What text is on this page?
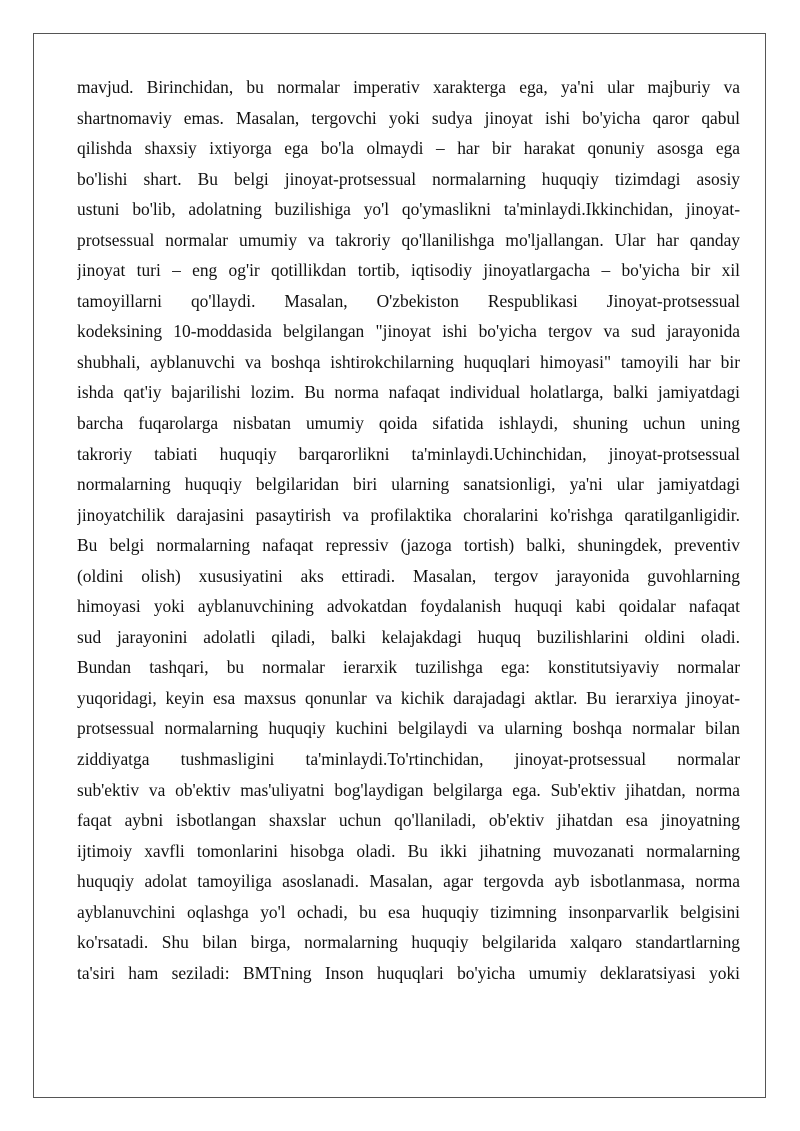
mavjud. Birinchidan, bu normalar imperativ xarakterga ega, ya'ni ular majburiy va
shartnomaviy emas. Masalan, tergovchi yoki sudya jinoyat ishi bo'yicha qaror qabul
qilishda shaxsiy ixtiyorga ega bo'la olmaydi – har bir harakat qonuniy asosga ega
bo'lishi shart. Bu belgi jinoyat-protsessual normalarning huquqiy tizimdagi asosiy
ustuni bo'lib, adolatning buzilishiga yo'l qo'ymaslikni ta'minlaydi.Ikkinchidan, jinoyat-
protsessual normalar umumiy va takroriy qo'llanilishga mo'ljallangan. Ular har qanday
jinoyat turi – eng og'ir qotillikdan tortib, iqtisodiy jinoyatlargacha – bo'yicha bir xil
tamoyillarni qo'llaydi. Masalan, O'zbekiston Respublikasi Jinoyat-protsessual
kodeksining 10-moddasida belgilangan "jinoyat ishi bo'yicha tergov va sud jarayonida
shubhali, ayblanuvchi va boshqa ishtirokchilarning huquqlari himoyasi" tamoyili har bir
ishda qat'iy bajarilishi lozim. Bu norma nafaqat individual holatlarga, balki jamiyatdagi
barcha fuqarolarga nisbatan umumiy qoida sifatida ishlaydi, shuning uchun uning
takroriy tabiati huquqiy barqarorlikni ta'minlaydi.Uchinchidan, jinoyat-protsessual
normalarning huquqiy belgilaridan biri ularning sanatsionligi, ya'ni ular jamiyatdagi
jinoyatchilik darajasini pasaytirish va profilaktika choralarini ko'rishga qaratilganligidir.
Bu belgi normalarning nafaqat repressiv (jazoga tortish) balki, shuningdek, preventiv
(oldini olish) xususiyatini aks ettiradi. Masalan, tergov jarayonida guvohlarning
himoyasi yoki ayblanuvchining advokatdan foydalanish huquqi kabi qoidalar nafaqat
sud jarayonini adolatli qiladi, balki kelajakdagi huquq buzilishlarini oldini oladi.
Bundan tashqari, bu normalar ierarxik tuzilishga ega: konstitutsiyaviy normalar
yuqoridagi, keyin esa maxsus qonunlar va kichik darajadagi aktlar. Bu ierarxiya jinoyat-
protsessual normalarning huquqiy kuchini belgilaydi va ularning boshqa normalar bilan
ziddiyatga tushmasligini ta'minlaydi.To'rtinchidan, jinoyat-protsessual normalar
sub'ektiv va ob'ektiv mas'uliyatni bog'laydigan belgilarga ega. Sub'ektiv jihatdan, norma
faqat aybni isbotlangan shaxslar uchun qo'llaniladi, ob'ektiv jihatdan esa jinoyatning
ijtimoiy xavfli tomonlarini hisobga oladi. Bu ikki jihatning muvozanati normalarning
huquqiy adolat tamoyiliga asoslanadi. Masalan, agar tergovda ayb isbotlanmasa, norma
ayblanuvchini oqlashga yo'l ochadi, bu esa huquqiy tizimning insonparvarlik belgisini
ko'rsatadi. Shu bilan birga, normalarning huquqiy belgilarida xalqaro standartlarning
ta'siri ham seziladi: BMTning Inson huquqlari bo'yicha umumiy deklaratsiyasi yoki
